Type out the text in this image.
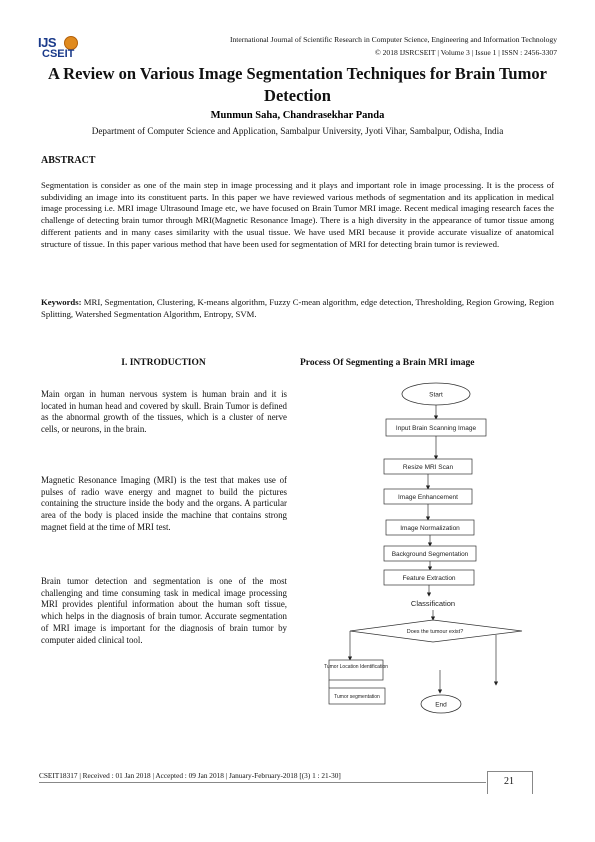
IJS
CSEIT
International Journal of Scientific Research in Computer Science, Engineering and Information Technology
© 2018 IJSRCSEIT | Volume 3 | Issue 1 | ISSN : 2456-3307
A Review on Various Image Segmentation Techniques for Brain Tumor Detection
Munmun Saha, Chandrasekhar Panda
Department of Computer Science and Application, Sambalpur University, Jyoti Vihar, Sambalpur, Odisha, India
ABSTRACT
Segmentation is consider as one of the main step in image processing and it plays and important role in image processing. It is the process of subdividing an image into its constituent parts. In this paper we have reviewed various methods of segmentation and its application in medical image processing i.e. MRI image Ultrasound Image etc, we have focused on Brain Tumor MRI image. Recent medical imaging research faces the challenge of detecting brain tumor through MRI(Magnetic Resonance Image). There is a high diversity in the appearance of tumor tissue among different patients and in many cases similarity with the usual tissue. We have used MRI because it provide accurate visualize of anatomical structure of tissue. In this paper various method that have been used for segmentation of MRI for detecting brain tumor is reviewed.
Keywords: MRI, Segmentation, Clustering, K-means algorithm, Fuzzy C-mean algorithm, edge detection, Thresholding, Region Growing, Region Splitting, Watershed Segmentation Algorithm, Entropy, SVM.
I. INTRODUCTION
Main organ in human nervous system is human brain and it is located in human head and covered by skull. Brain Tumor is defined as the abnormal growth of the tissues, which is a cluster of nerve cells, or neurons, in the brain.
Magnetic Resonance Imaging (MRI) is the test that makes use of pulses of radio wave energy and magnet to build the pictures containing the structure inside the body and the organs. A particular area of the body is placed inside the machine that contains strong magnet field at the time of MRI test.
Brain tumor detection and segmentation is one of the most challenging and time consuming task in medical image processing MRI provides plentiful information about the human soft tissue, which helps in the diagnosis of brain tumor. Accurate segmentation of MRI image is important for the diagnosis of brain tumor by computer aided clinical tool.
Process Of Segmenting a Brain MRI image
Start
Input Brain Scanning Image
Resize MRI Scan
Image Enhancement
Image Normalization
Background Segmentation
Feature Extraction
Classification
Does the tumour exist?
Tumor Location Identification
Tumor segmentation
End
CSEIT18317 | Received : 01 Jan 2018 | Accepted : 09 Jan 2018 | January-February-2018 [(3) 1 : 21-30]
21
